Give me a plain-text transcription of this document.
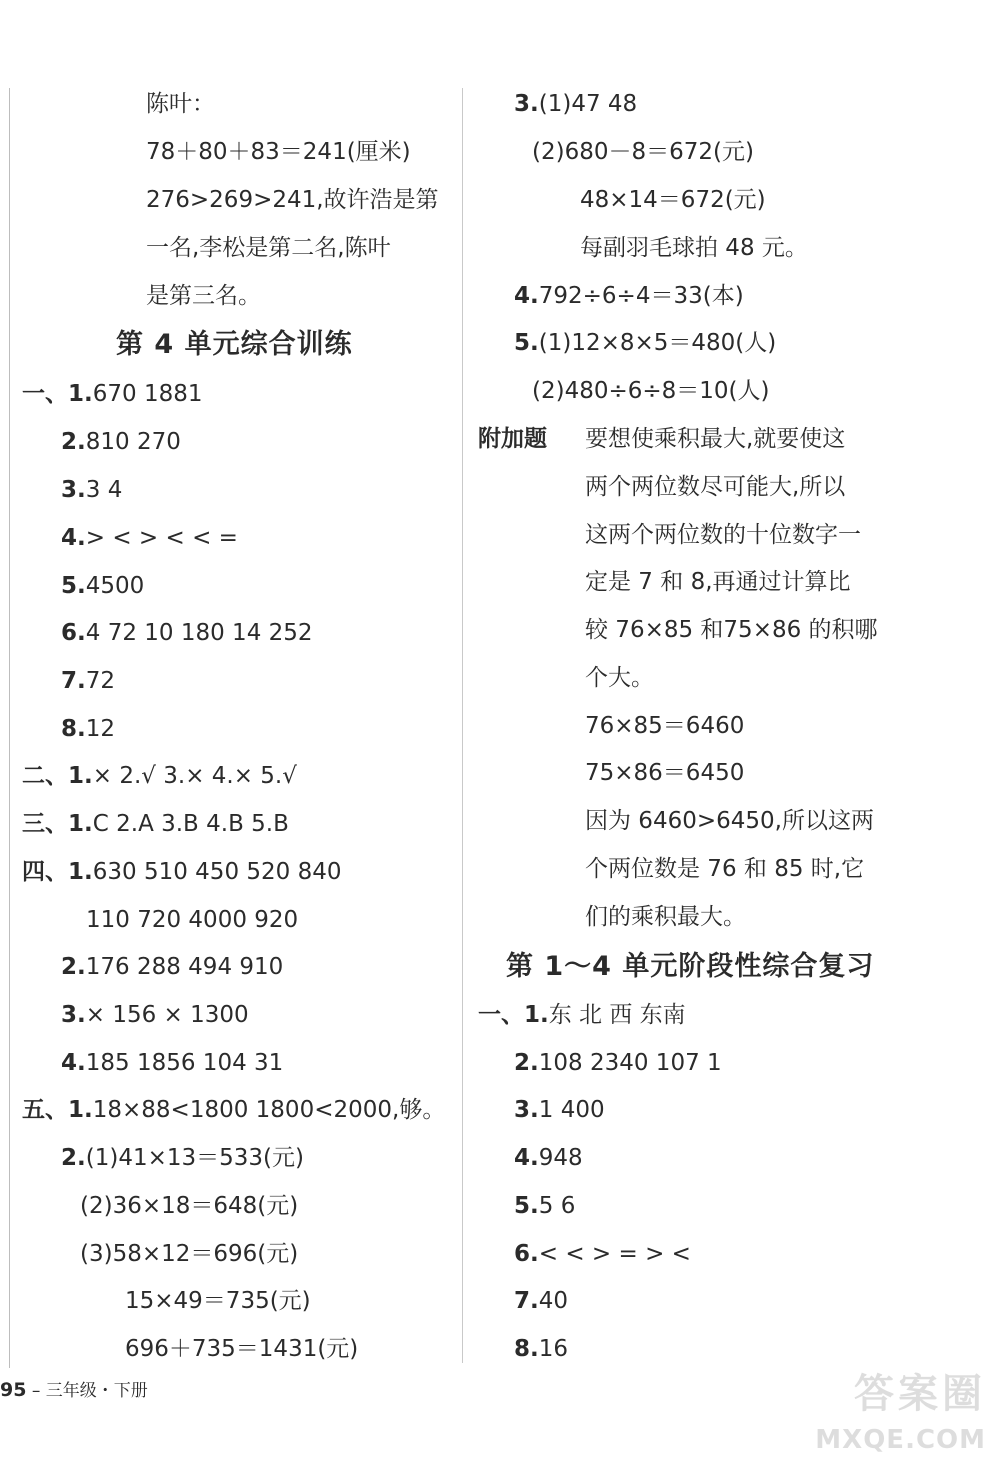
陈叶：
78＋80＋83＝241(厘米)
276>269>241,故许浩是第
一名,李松是第二名,陈叶
是第三名。
第 4 单元综合训练
一、1.670 1881
2.810 270
3.3 4
4.> < > < < =
5.4500
6.4 72 10 180 14 252
7.72
8.12
二、1.× 2.√ 3.× 4.× 5.√
三、1.C 2.A 3.B 4.B 5.B
四、1.630 510 450 520 840
110 720 4000 920
2.176 288 494 910
3.× 156 × 1300
4.185 1856 104 31
五、1.18×88<1800 1800<2000,够。
2.(1)41×13＝533(元)
(2)36×18＝648(元)
(3)58×12＝696(元)
15×49＝735(元)
696＋735＝1431(元)
3.(1)47 48
(2)680－8＝672(元)
48×14＝672(元)
每副羽毛球拍 48 元。
4.792÷6÷4＝33(本)
5.(1)12×8×5＝480(人)
(2)480÷6÷8＝10(人)
附加题 要想使乘积最大,就要使这
两个两位数尽可能大,所以
这两个两位数的十位数字一
定是 7 和 8,再通过计算比
较 76×85 和75×86 的积哪
个大。
76×85＝6460
75×86＝6450
因为 6460>6450,所以这两
个两位数是 76 和 85 时,它
们的乘积最大。
第 1～4 单元阶段性综合复习
一、1.东 北 西 东南
2.108 2340 107 1
3.1 400
4.948
5.5 6
6.< < > = > <
7.40
8.16
95 – 三年级・下册	答案圈
MXQE.COM
